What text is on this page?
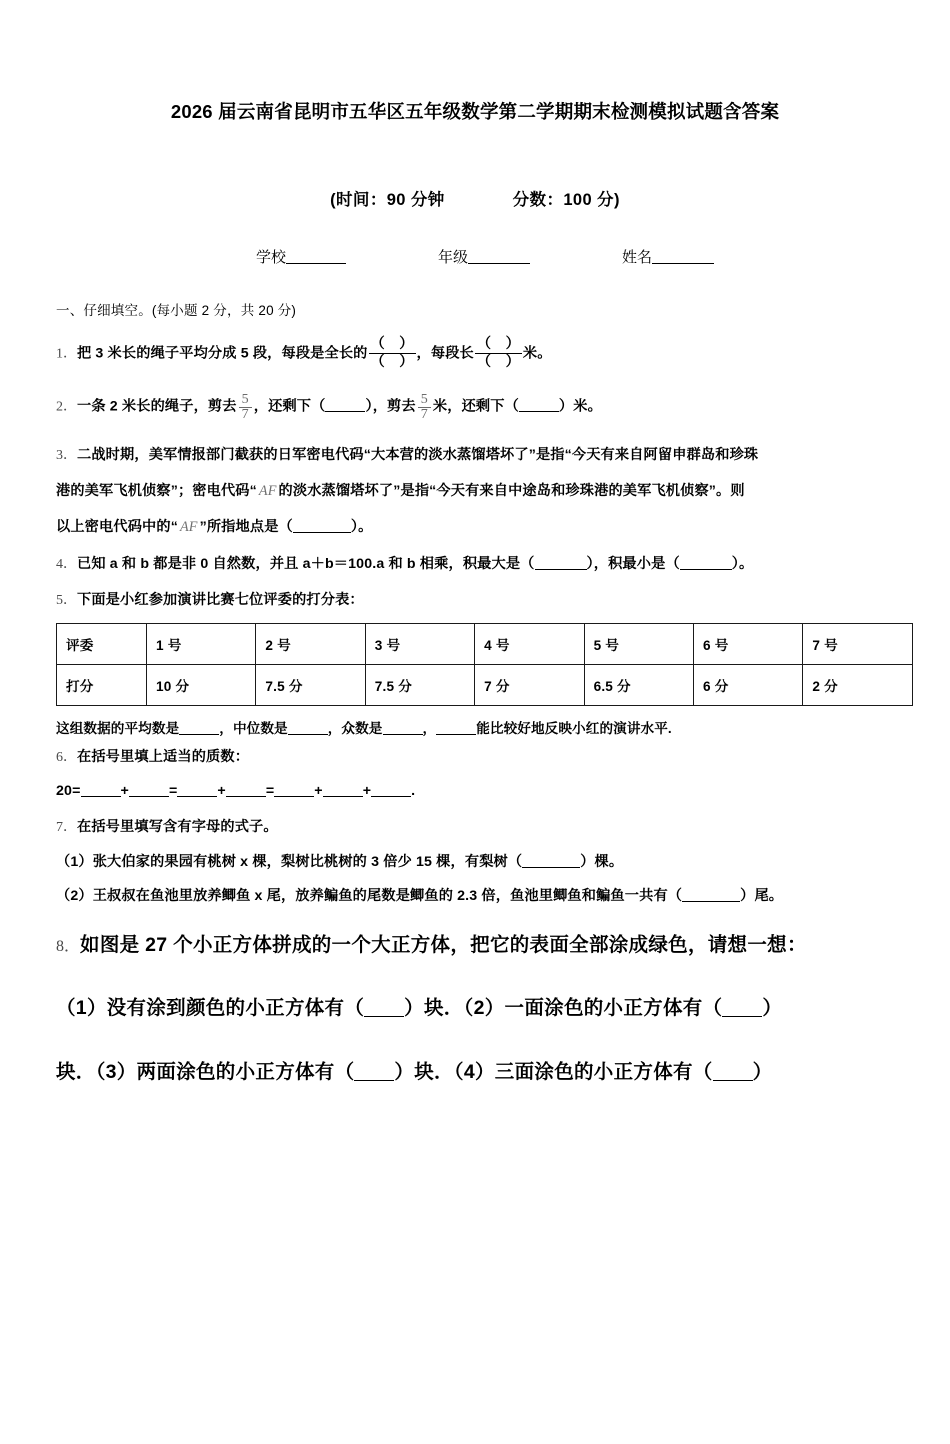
2026 届云南省昆明市五华区五年级数学第二学期期末检测模拟试题含答案
(时间：90 分钟	分数：100 分)
学校	年级	姓名
一、仔细填空。(每小题 2 分，共 20 分)
1．把 3 米长的绳子平均分成 5 段，每段是全长的 $\frac{( )}{( )}$ ，每段长 $\frac{( )}{( )}$ 米。
2．一条 2 米长的绳子，剪去 $\frac{5}{7}$ ，还剩下（	），剪去 $\frac{5}{7}$ 米，还剩下（	）米。
3．二战时期，美军情报部门截获的日军密电代码“大本营的淡水蒸馏塔坏了”是指“今天有来自阿留申群岛和珍珠
港的美军飞机侦察”；密电代码“ AF 的淡水蒸馏塔坏了”是指“今天有来自中途岛和珍珠港的美军飞机侦察”。则
以上密电代码中的“ AF ”所指地点是（	）。
4．已知 a 和 b 都是非 0 自然数，并且 a＋b＝100.a 和 b 相乘，积最大是（	），积最小是（	）。
5．下面是小红参加演讲比赛七位评委的打分表：
评委	1 号	2 号	3 号	4 号	5 号	6 号	7 号
打分	10 分	7.5 分	7.5 分	7 分	6.5 分	6 分	2 分
这组数据的平均数是	，中位数是	，众数是	，	能比较好地反映小红的演讲水平.
6．在括号里填上适当的质数：
20=	+	=	+	=	+	+	.
7．在括号里填写含有字母的式子。
（1）张大伯家的果园有桃树 x 棵，梨树比桃树的 3 倍少 15 棵，有梨树（	）棵。
（2）王叔叔在鱼池里放养鲫鱼 x 尾，放养鳊鱼的尾数是鲫鱼的 2.3 倍，鱼池里鲫鱼和鳊鱼一共有（	）尾。
8．如图是 27 个小正方体拼成的一个大正方体，把它的表面全部涂成绿色，请想一想：
（1）没有涂到颜色的小正方体有（ ）块．（2）一面涂色的小正方体有（ ）
块．（3）两面涂色的小正方体有（ ）块．（4）三面涂色的小正方体有（ ）
